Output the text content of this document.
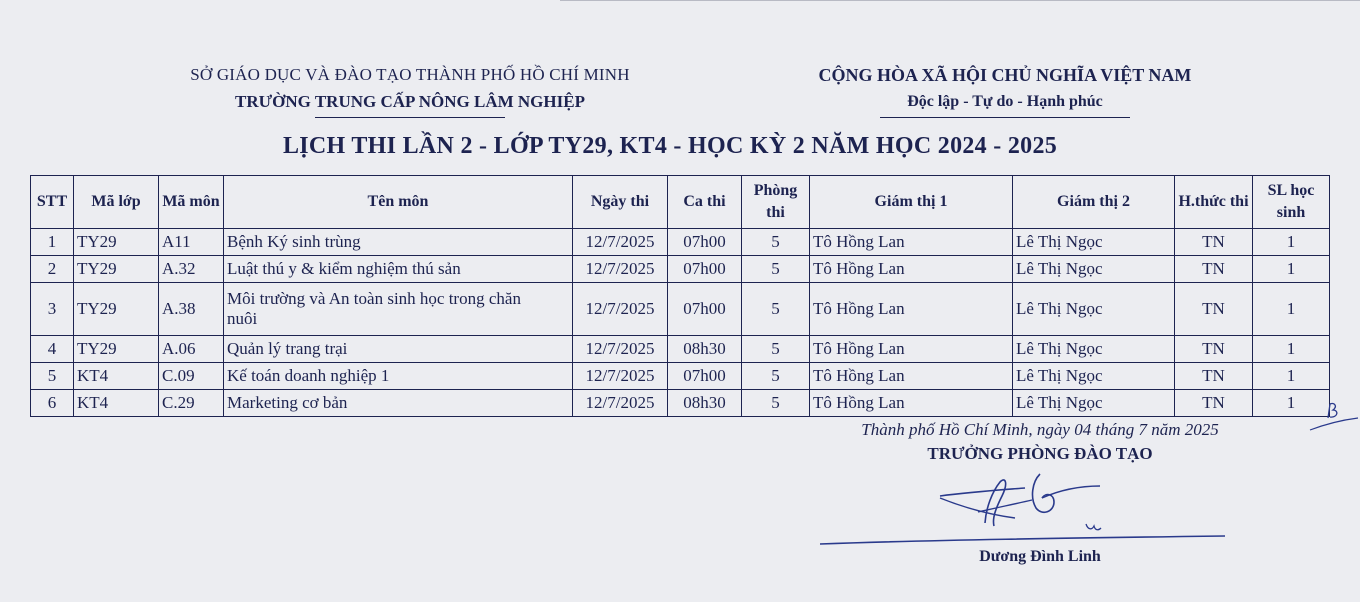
SỞ GIÁO DỤC VÀ ĐÀO TẠO THÀNH PHỐ HỒ CHÍ MINH
TRƯỜNG TRUNG CẤP NÔNG LÂM NGHIỆP
CỘNG HÒA XÃ HỘI CHỦ NGHĨA VIỆT NAM
Độc lập - Tự do - Hạnh phúc
LỊCH THI LẦN 2 - LỚP TY29, KT4 - HỌC KỲ 2 NĂM HỌC 2024 - 2025
STT	Mã lớp	Mã môn	Tên môn	Ngày thi	Ca thi	Phòng thi	Giám thị 1	Giám thị 2	H.thức thi	SL học sinh
1	TY29	A11	Bệnh Ký sinh trùng	12/7/2025	07h00	5	Tô Hồng Lan	Lê Thị Ngọc	TN	1
2	TY29	A.32	Luật thú y & kiểm nghiệm thú sản	12/7/2025	07h00	5	Tô Hồng Lan	Lê Thị Ngọc	TN	1
3	TY29	A.38	Môi trường và An toàn sinh học trong chăn nuôi	12/7/2025	07h00	5	Tô Hồng Lan	Lê Thị Ngọc	TN	1
4	TY29	A.06	Quản lý trang trại	12/7/2025	08h30	5	Tô Hồng Lan	Lê Thị Ngọc	TN	1
5	KT4	C.09	Kế toán doanh nghiệp 1	12/7/2025	07h00	5	Tô Hồng Lan	Lê Thị Ngọc	TN	1
6	KT4	C.29	Marketing cơ bản	12/7/2025	08h30	5	Tô Hồng Lan	Lê Thị Ngọc	TN	1
Thành phố Hồ Chí Minh, ngày 04 tháng 7 năm 2025
TRƯỞNG PHÒNG ĐÀO TẠO
Dương Đình Linh
